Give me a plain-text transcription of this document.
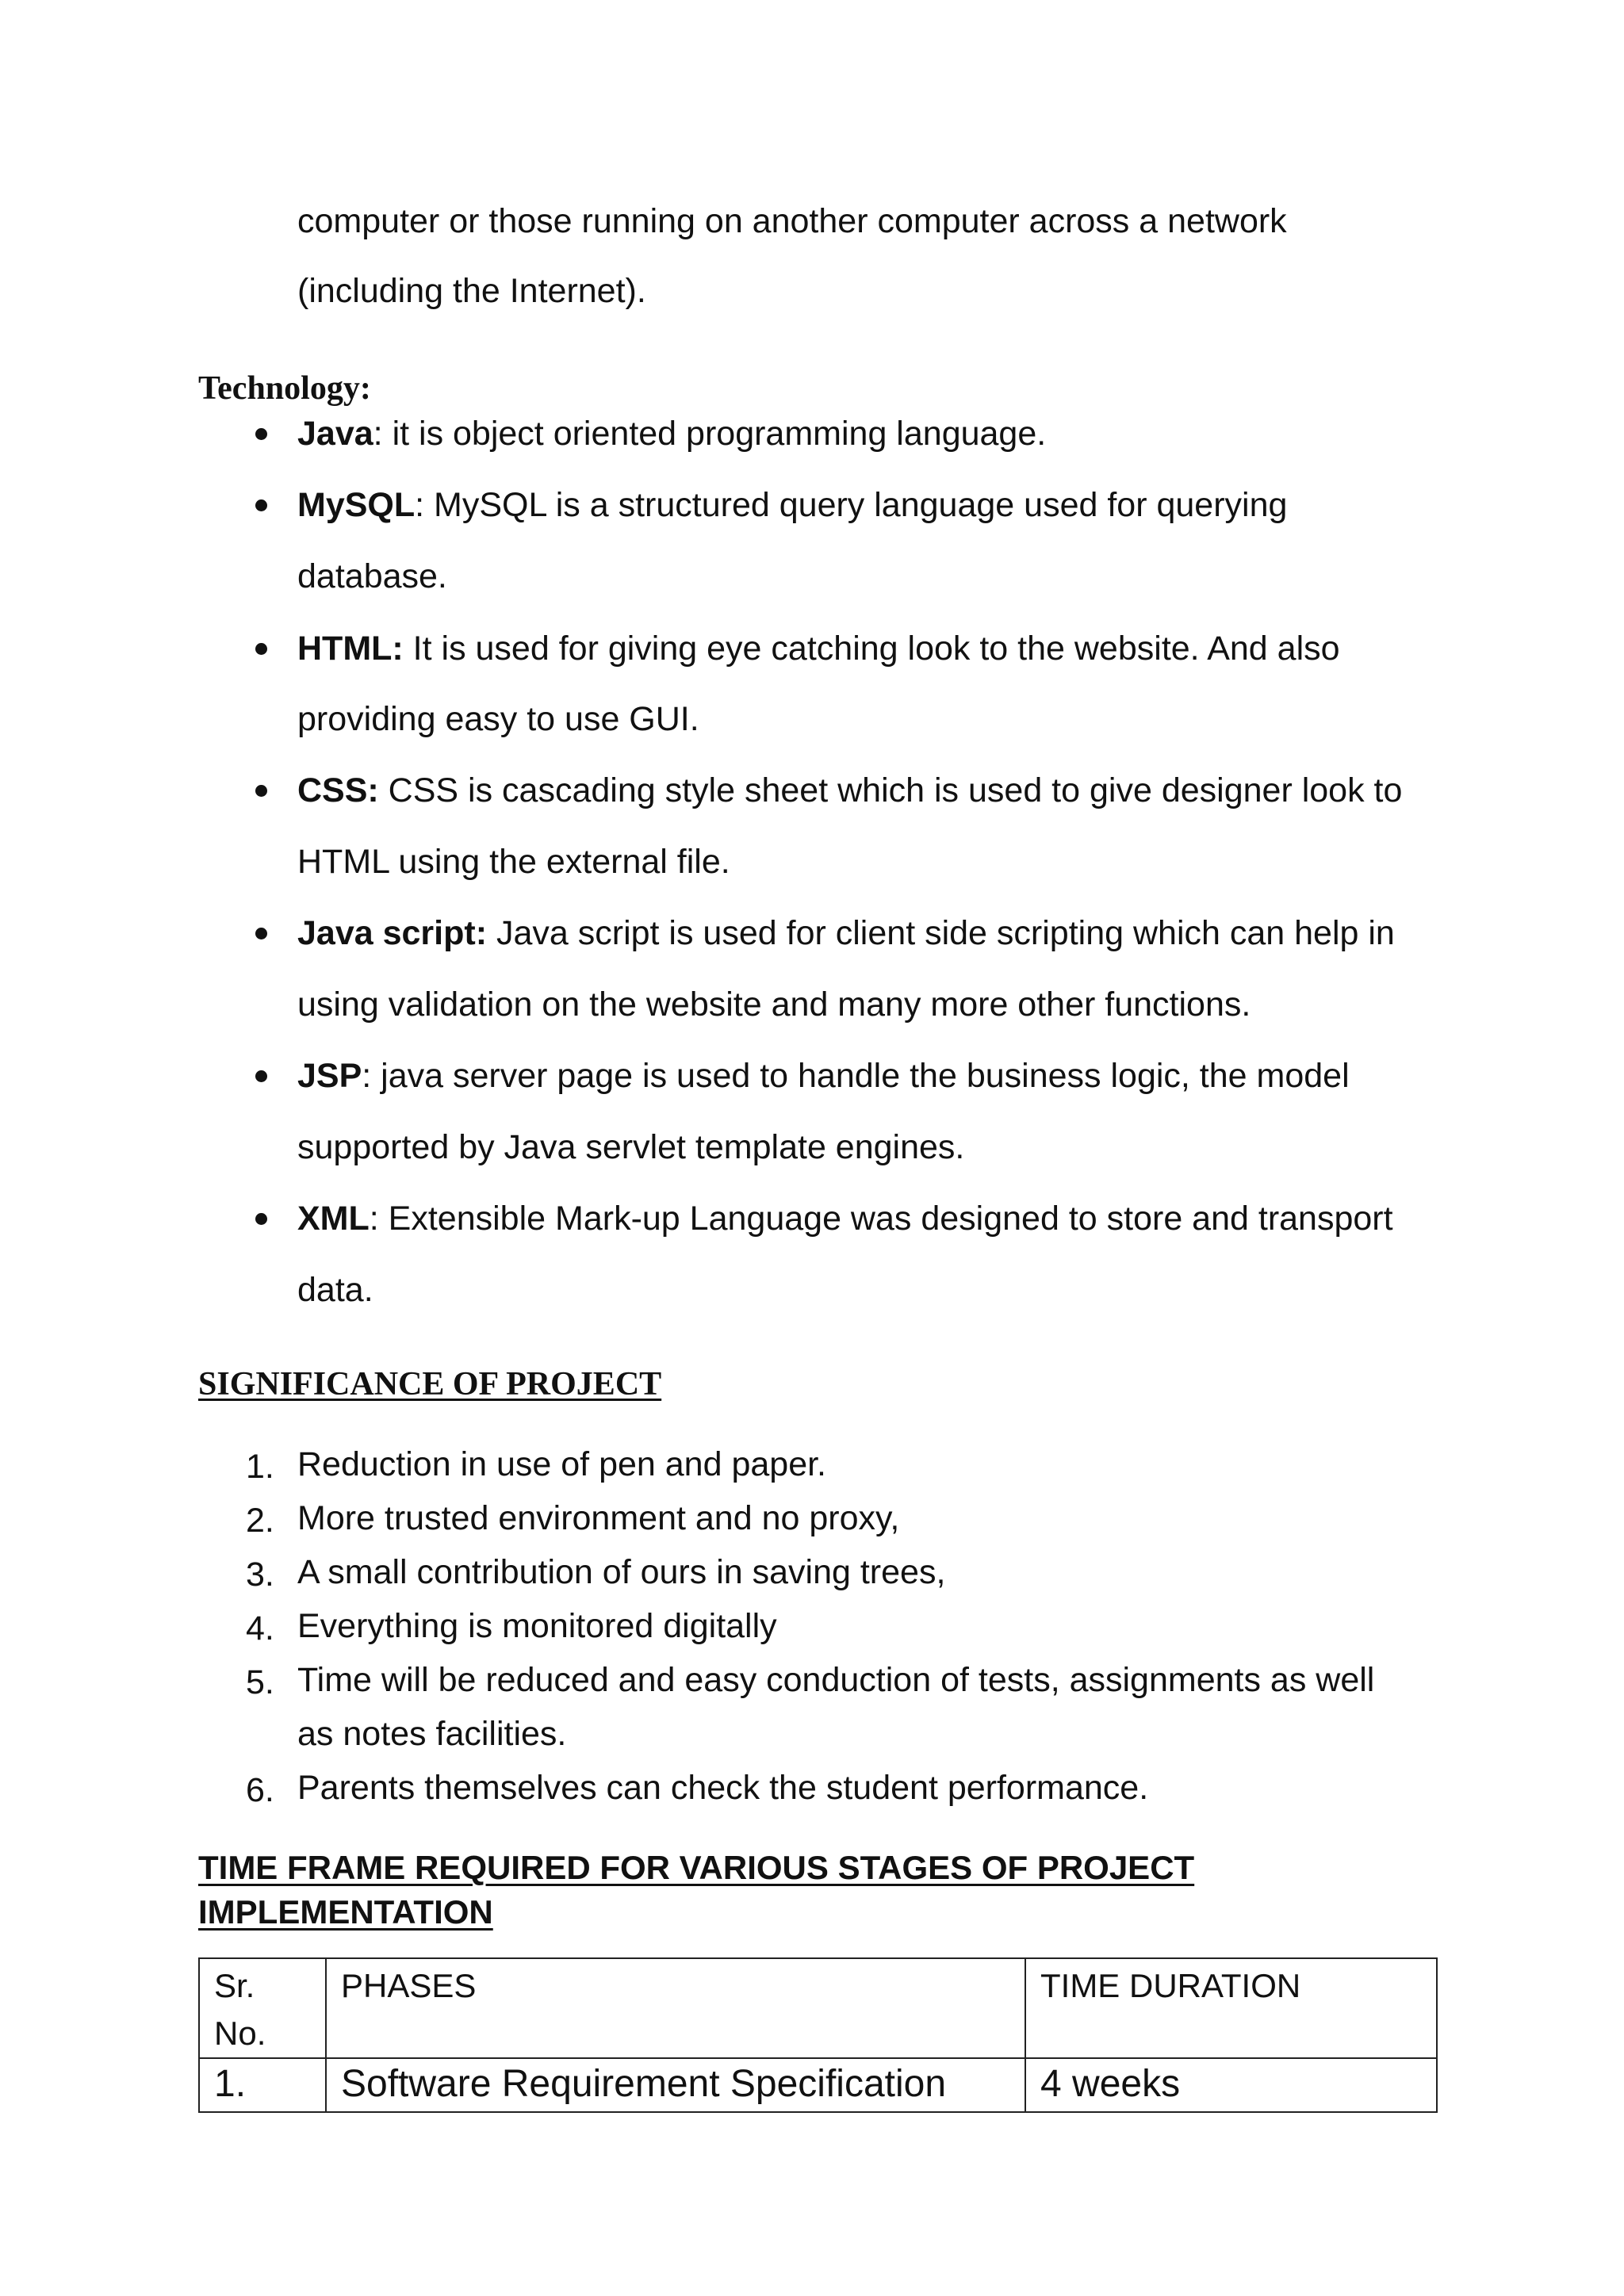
computer or those running on another computer across a network
(including the Internet).
Technology:
Java: it is object oriented programming language.
MySQL: MySQL is a structured query language used for querying
database.
HTML: It is used for giving eye catching look to the website. And also
providing easy to use GUI.
CSS: CSS is cascading style sheet which is used to give designer look to
HTML using the external file.
Java script: Java script is used for client side scripting which can help in
using validation on the website and many more other functions.
JSP: java server page is used to handle the business logic, the model
supported by Java servlet template engines.
XML: Extensible Mark-up Language was designed to store and transport
data.
SIGNIFICANCE OF PROJECT
1. Reduction in use of pen and paper.
2. More trusted environment and no proxy,
3. A small contribution of ours in saving trees,
4. Everything is monitored digitally
5. Time will be reduced and easy conduction of tests, assignments as well
as notes facilities.
6. Parents themselves can check the student performance.
TIME FRAME REQUIRED FOR VARIOUS STAGES OF PROJECT
IMPLEMENTATION
Sr. No.	PHASES	TIME DURATION
1.	Software Requirement Specification	4 weeks
